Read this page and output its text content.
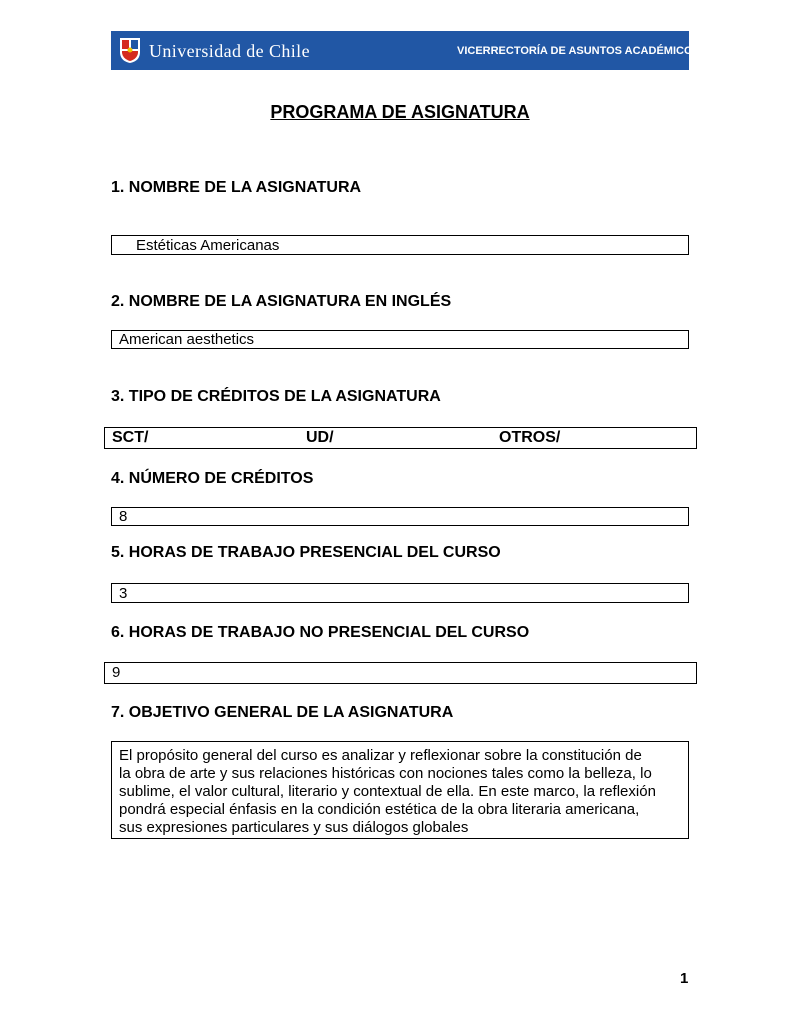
Universidad de Chile	VICERRECTORÍA DE ASUNTOS ACADÉMICOS
PROGRAMA DE ASIGNATURA
1. NOMBRE DE LA ASIGNATURA
Estéticas Americanas
2. NOMBRE DE LA ASIGNATURA EN INGLÉS
American aesthetics
3. TIPO DE CRÉDITOS DE LA ASIGNATURA
SCT/	UD/	OTROS/
4. NÚMERO DE CRÉDITOS
8
5. HORAS DE TRABAJO PRESENCIAL DEL CURSO
3
6. HORAS DE TRABAJO NO PRESENCIAL DEL CURSO
9
7. OBJETIVO GENERAL DE LA ASIGNATURA
El propósito general del curso es analizar y reflexionar sobre la constitución de
la obra de arte y sus relaciones históricas con nociones tales como la belleza, lo
sublime, el valor cultural, literario y contextual de ella. En este marco, la reflexión
pondrá especial énfasis en la condición estética de la obra literaria americana,
sus expresiones particulares y sus diálogos globales
1
